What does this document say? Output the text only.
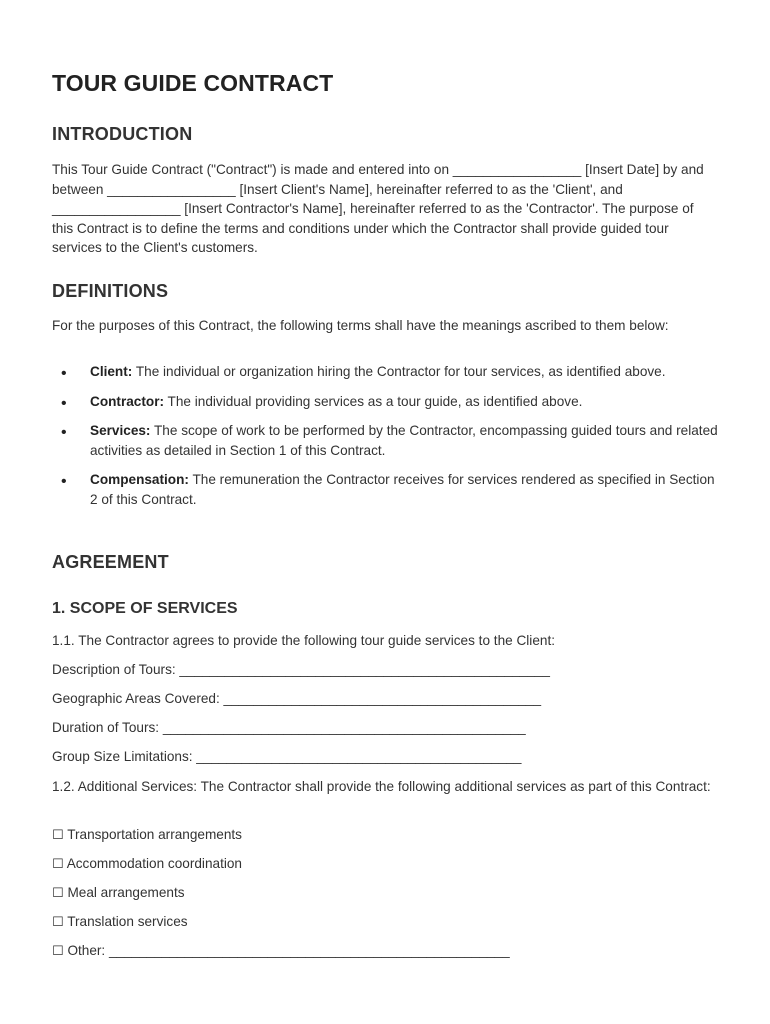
TOUR GUIDE CONTRACT
INTRODUCTION

This Tour Guide Contract ("Contract") is made and entered into on _________________ [Insert Date] by and between _________________ [Insert Client's Name], hereinafter referred to as the 'Client', and _________________ [Insert Contractor's Name], hereinafter referred to as the 'Contractor'. The purpose of this Contract is to define the terms and conditions under which the Contractor shall provide guided tour services to the Client's customers.

DEFINITIONS

For the purposes of this Contract, the following terms shall have the meanings ascribed to them below:

• Client: The individual or organization hiring the Contractor for tour services, as identified above.
• Contractor: The individual providing services as a tour guide, as identified above.
• Services: The scope of work to be performed by the Contractor, encompassing guided tours and related activities as detailed in Section 1 of this Contract.
• Compensation: The remuneration the Contractor receives for services rendered as specified in Section 2 of this Contract.
AGREEMENT
1. SCOPE OF SERVICES
1.1. The Contractor agrees to provide the following tour guide services to the Client:
Description of Tours: _________________________________________________
Geographic Areas Covered: __________________________________________
Duration of Tours: ________________________________________________
Group Size Limitations: ___________________________________________

1.2. Additional Services: The Contractor shall provide the following additional services as part of this Contract:

☐ Transportation arrangements
☐ Accommodation coordination
☐ Meal arrangements
☐ Translation services
☐ Other: _____________________________________________________
